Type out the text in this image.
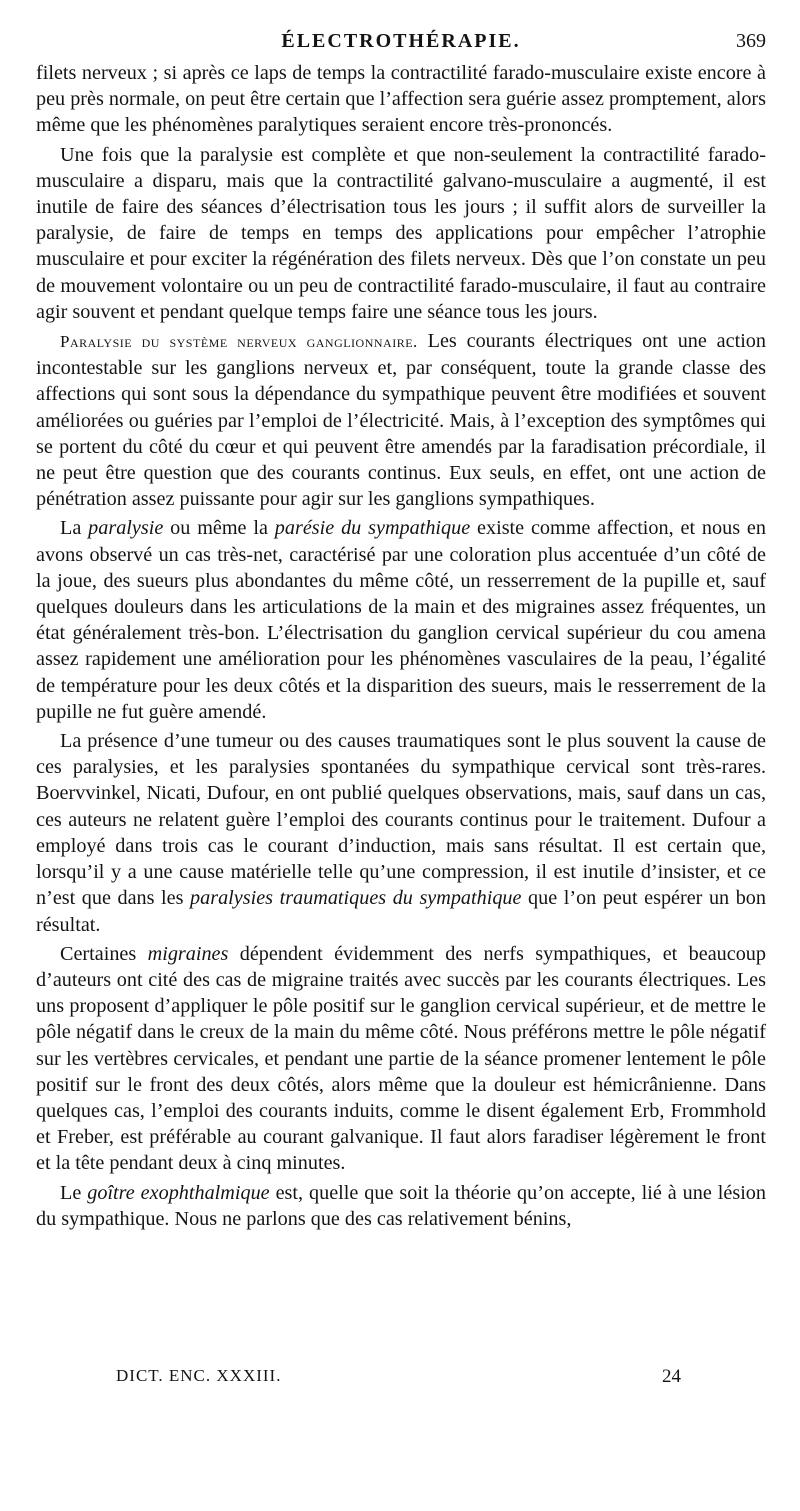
ÉLECTROTHÉRAPIE.	369

filets nerveux ; si après ce laps de temps la contractilité farado-musculaire existe encore à peu près normale, on peut être certain que l’affection sera guérie assez promptement, alors même que les phénomènes paralytiques seraient encore très-prononcés.

Une fois que la paralysie est complète et que non-seulement la contractilité farado-musculaire a disparu, mais que la contractilité galvano-musculaire a augmenté, il est inutile de faire des séances d’électrisation tous les jours ; il suffit alors de surveiller la paralysie, de faire de temps en temps des applications pour empêcher l’atrophie musculaire et pour exciter la régénération des filets nerveux. Dès que l’on constate un peu de mouvement volontaire ou un peu de contractilité farado-musculaire, il faut au contraire agir souvent et pendant quelque temps faire une séance tous les jours.

Paralysie du système nerveux ganglionnaire. Les courants électriques ont une action incontestable sur les ganglions nerveux et, par conséquent, toute la grande classe des affections qui sont sous la dépendance du sympathique peuvent être modifiées et souvent améliorées ou guéries par l’emploi de l’électricité. Mais, à l’exception des symptômes qui se portent du côté du cœur et qui peuvent être amendés par la faradisation précordiale, il ne peut être question que des courants continus. Eux seuls, en effet, ont une action de pénétration assez puissante pour agir sur les ganglions sympathiques.

La paralysie ou même la parésie du sympathique existe comme affection, et nous en avons observé un cas très-net, caractérisé par une coloration plus accentuée d’un côté de la joue, des sueurs plus abondantes du même côté, un resserrement de la pupille et, sauf quelques douleurs dans les articulations de la main et des migraines assez fréquentes, un état généralement très-bon. L’électrisation du ganglion cervical supérieur du cou amena assez rapidement une amélioration pour les phénomènes vasculaires de la peau, l’égalité de température pour les deux côtés et la disparition des sueurs, mais le resserrement de la pupille ne fut guère amendé.

La présence d’une tumeur ou des causes traumatiques sont le plus souvent la cause de ces paralysies, et les paralysies spontanées du sympathique cervical sont très-rares. Boervvinkel, Nicati, Dufour, en ont publié quelques observations, mais, sauf dans un cas, ces auteurs ne relatent guère l’emploi des courants continus pour le traitement. Dufour a employé dans trois cas le courant d’induction, mais sans résultat. Il est certain que, lorsqu’il y a une cause matérielle telle qu’une compression, il est inutile d’insister, et ce n’est que dans les paralysies traumatiques du sympathique que l’on peut espérer un bon résultat.

Certaines migraines dépendent évidemment des nerfs sympathiques, et beaucoup d’auteurs ont cité des cas de migraine traités avec succès par les courants électriques. Les uns proposent d’appliquer le pôle positif sur le ganglion cervical supérieur, et de mettre le pôle négatif dans le creux de la main du même côté. Nous préférons mettre le pôle négatif sur les vertèbres cervicales, et pendant une partie de la séance promener lentement le pôle positif sur le front des deux côtés, alors même que la douleur est hémicrânienne. Dans quelques cas, l’emploi des courants induits, comme le disent également Erb, Frommhold et Freber, est préférable au courant galvanique. Il faut alors faradiser légèrement le front et la tête pendant deux à cinq minutes.

Le goître exophthalmique est, quelle que soit la théorie qu’on accepte, lié à une lésion du sympathique. Nous ne parlons que des cas relativement bénins,

DICT. ENC. XXXIII.	24
